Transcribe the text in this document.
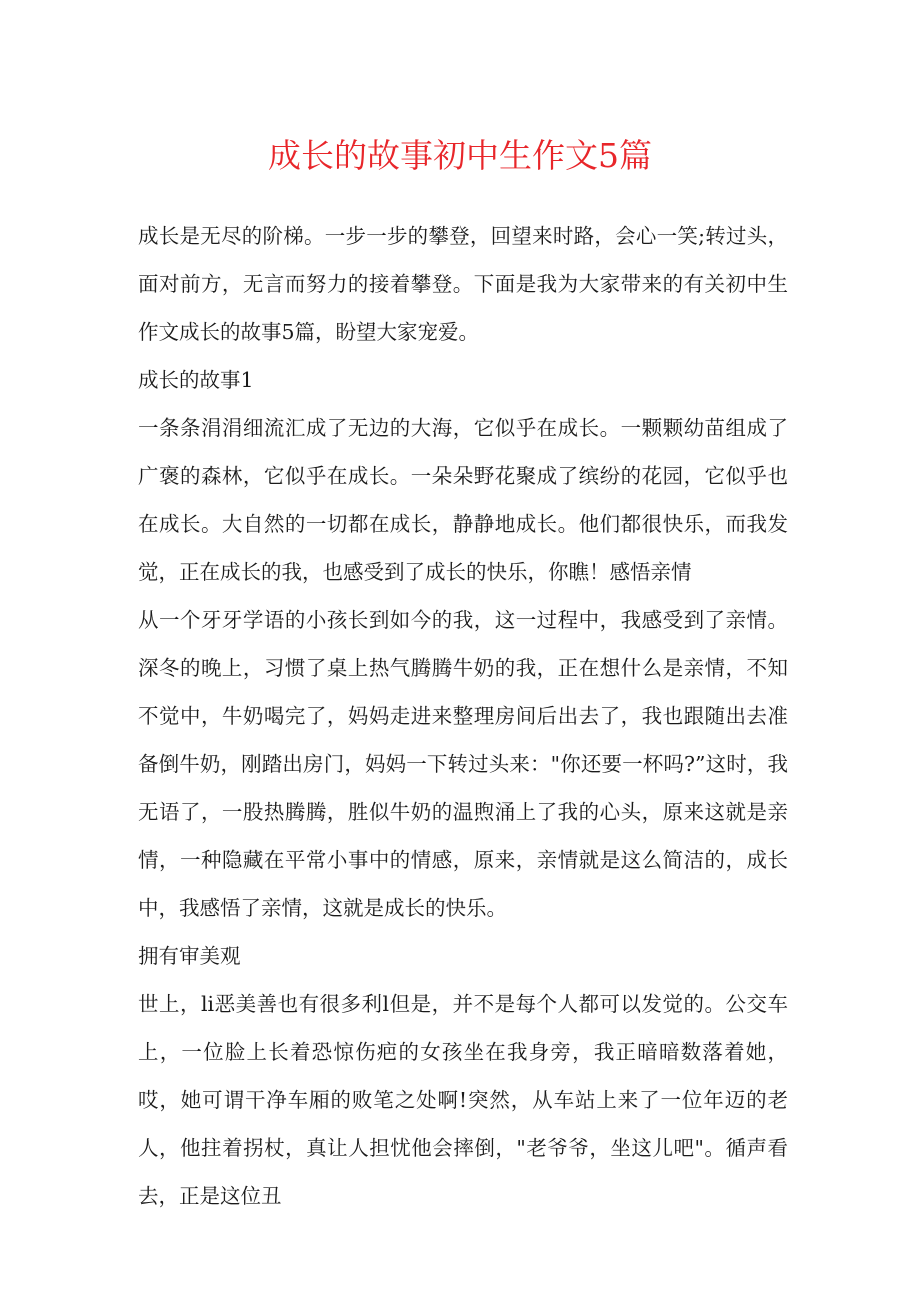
成长的故事初中生作文5篇

成长是无尽的阶梯。一步一步的攀登，回望来时路，会心一笑;转过头，面对前方，无言而努力的接着攀登。下面是我为大家带来的有关初中生作文成长的故事5篇，盼望大家宠爱。

成长的故事1

一条条涓涓细流汇成了无边的大海，它似乎在成长。一颗颗幼苗组成了广褒的森林，它似乎在成长。一朵朵野花聚成了缤纷的花园，它似乎也在成长。大自然的一切都在成长，静静地成长。他们都很快乐，而我发觉，正在成长的我，也感受到了成长的快乐，你瞧！感悟亲情

从一个牙牙学语的小孩长到如今的我，这一过程中，我感受到了亲情。深冬的晚上，习惯了桌上热气腾腾牛奶的我，正在想什么是亲情，不知不觉中，牛奶喝完了，妈妈走进来整理房间后出去了，我也跟随出去准备倒牛奶，刚踏出房门，妈妈一下转过头来："你还要一杯吗?”这时，我无语了，一股热腾腾，胜似牛奶的温煦涌上了我的心头，原来这就是亲情，一种隐藏在平常小事中的情感，原来，亲情就是这么简洁的，成长中，我感悟了亲情，这就是成长的快乐。

拥有审美观

世上，li恶美善也有很多利l但是，并不是每个人都可以发觉的。公交车上，一位脸上长着恐惊伤疤的女孩坐在我身旁，我正暗暗数落着她，哎，她可谓干净车厢的败笔之处啊!突然，从车站上来了一位年迈的老人，他拄着拐杖，真让人担忧他会摔倒，"老爷爷，坐这儿吧"。循声看去，正是这位丑
